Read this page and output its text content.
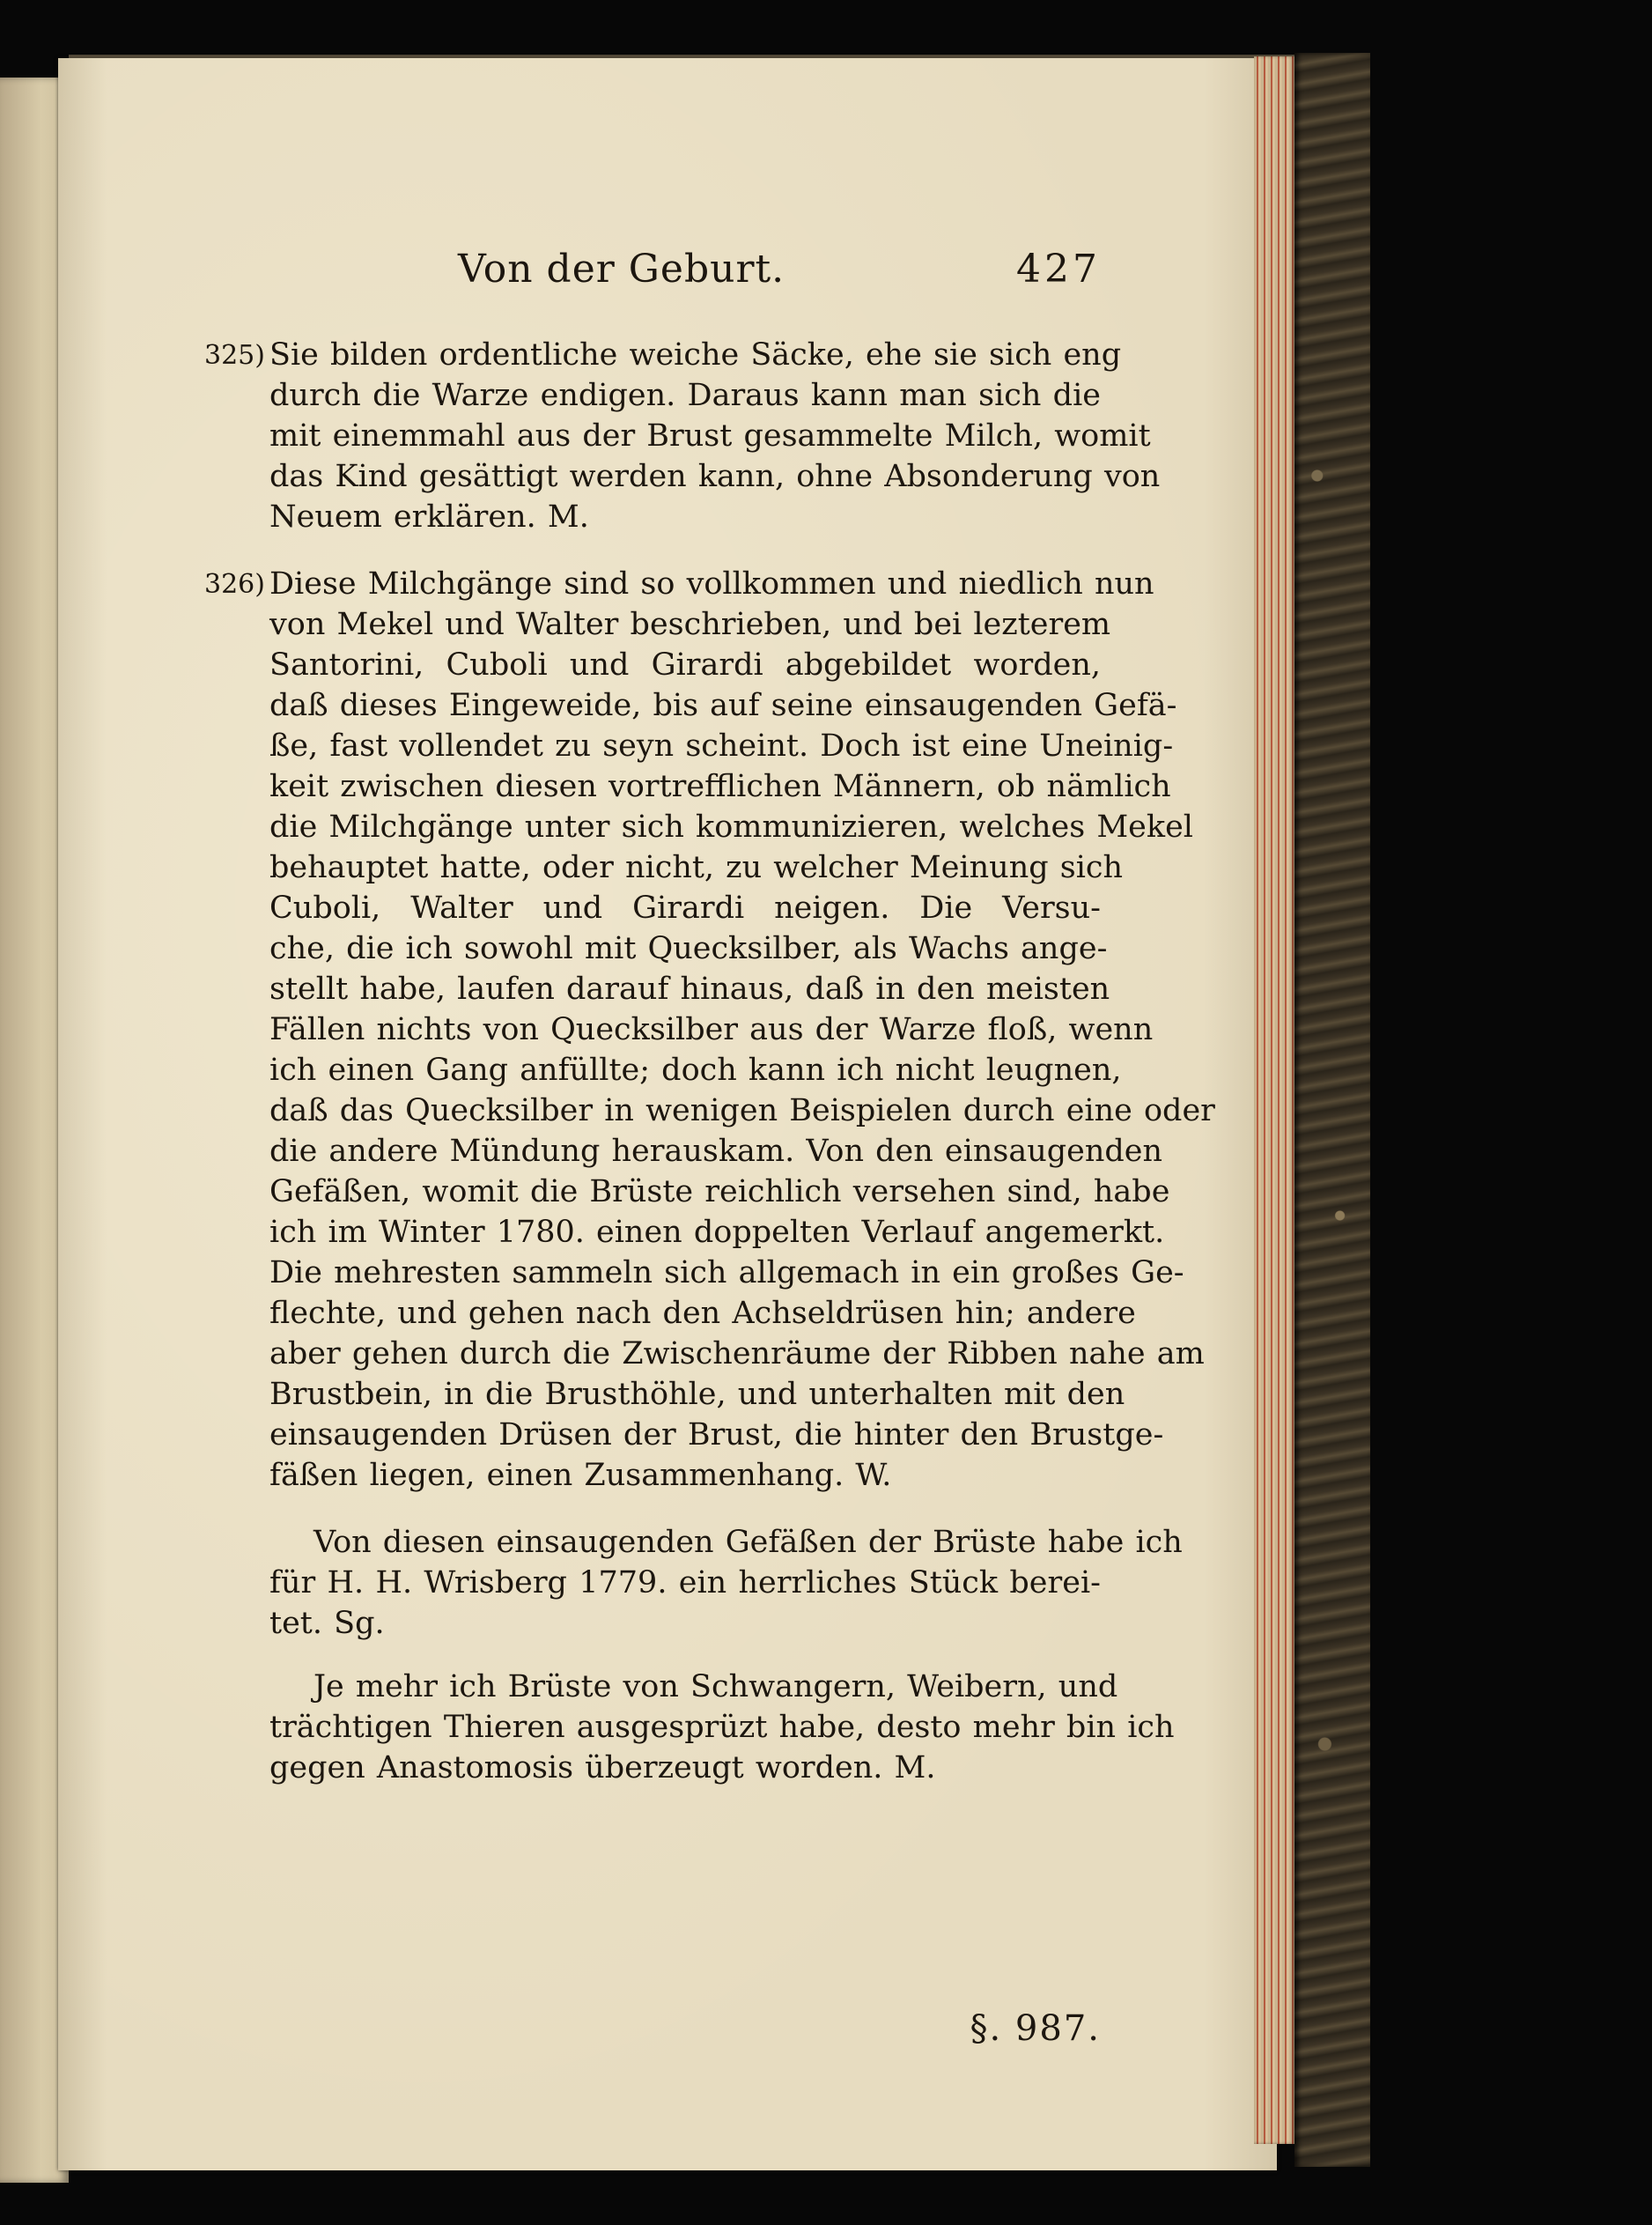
Von der Geburt.	427
325) Sie bilden ordentliche weiche Säcke, ehe sie sich eng
durch die Warze endigen. Daraus kann man sich die
mit einemmahl aus der Brust gesammelte Milch, womit
das Kind gesättigt werden kann, ohne Absonderung von
Neuem erklären. M.
326) Diese Milchgänge sind so vollkommen und niedlich nun
von Mekel und Walter beschrieben, und bei lezterem
Santorini, Cuboli und Girardi abgebildet worden,
daß dieses Eingeweide, bis auf seine einsaugenden Gefä-
ße, fast vollendet zu seyn scheint. Doch ist eine Uneinig-
keit zwischen diesen vortrefflichen Männern, ob nämlich
die Milchgänge unter sich kommunizieren, welches Mekel
behauptet hatte, oder nicht, zu welcher Meinung sich
Cuboli, Walter und Girardi neigen. Die Versu-
che, die ich sowohl mit Quecksilber, als Wachs ange-
stellt habe, laufen darauf hinaus, daß in den meisten
Fällen nichts von Quecksilber aus der Warze floß, wenn
ich einen Gang anfüllte; doch kann ich nicht leugnen,
daß das Quecksilber in wenigen Beispielen durch eine oder
die andere Mündung herauskam. Von den einsaugenden
Gefäßen, womit die Brüste reichlich versehen sind, habe
ich im Winter 1780. einen doppelten Verlauf angemerkt.
Die mehresten sammeln sich allgemach in ein großes Ge-
flechte, und gehen nach den Achseldrüsen hin; andere
aber gehen durch die Zwischenräume der Ribben nahe am
Brustbein, in die Brusthöhle, und unterhalten mit den
einsaugenden Drüsen der Brust, die hinter den Brustge-
fäßen liegen, einen Zusammenhang. W.
Von diesen einsaugenden Gefäßen der Brüste habe ich
für H. H. Wrisberg 1779. ein herrliches Stück berei-
tet. Sg.
Je mehr ich Brüste von Schwangern, Weibern, und
trächtigen Thieren ausgesprüzt habe, desto mehr bin ich
gegen Anastomosis überzeugt worden. M.
§. 987.
